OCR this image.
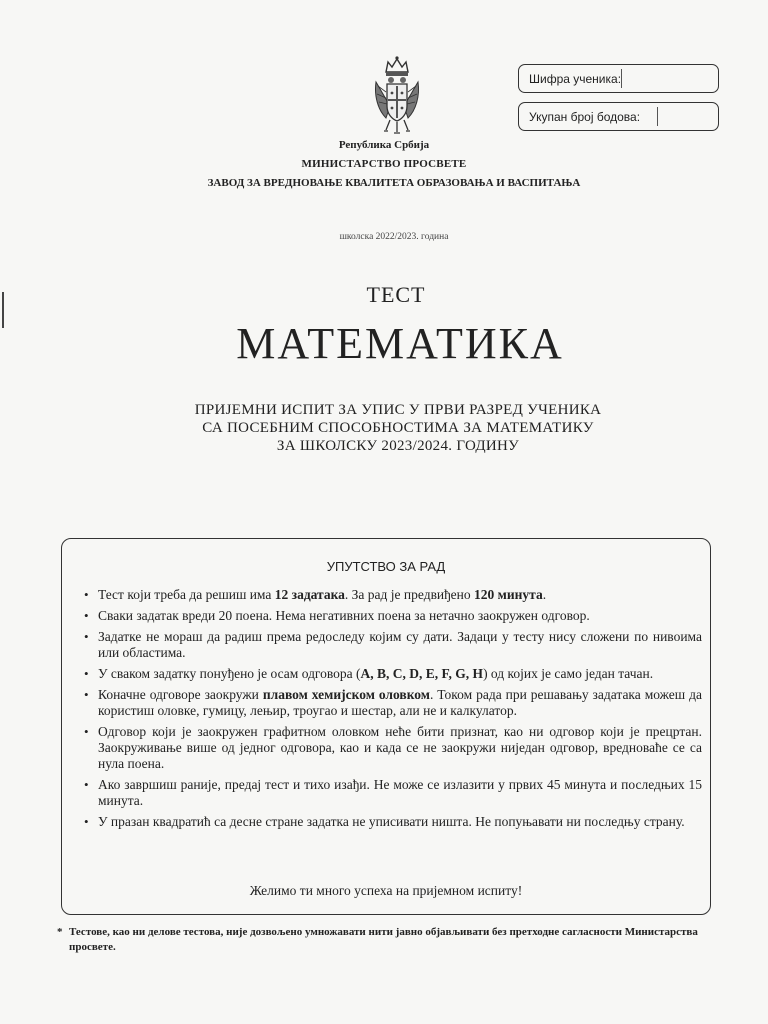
Шифра ученика:
Укупан број бодова:
Република Србија
МИНИСТАРСТВО ПРОСВЕТЕ
ЗАВОД ЗА ВРЕДНОВАЊЕ КВАЛИТЕТА ОБРАЗОВАЊА И ВАСПИТАЊА
школска 2022/2023. година
ТЕСТ
МАТЕМАТИКА
ПРИЈЕМНИ ИСПИТ ЗА УПИС У ПРВИ РАЗРЕД УЧЕНИКА
СА ПОСЕБНИМ СПОСОБНОСТИМА ЗА МАТЕМАТИКУ
ЗА ШКОЛСКУ 2023/2024. ГОДИНУ
УПУТСТВО ЗА РАД
• Тест који треба да решиш има 12 задатака. За рад је предвиђено 120 минута.
• Сваки задатак вреди 20 поена. Нема негативних поена за нетачно заокружен одговор.
• Задатке не мораш да радиш према редоследу којим су дати. Задаци у тесту нису сложени по нивоима или областима.
• У сваком задатку понуђено је осам одговора (A, B, C, D, E, F, G, H) од којих је само један тачан.
• Коначне одговоре заокружи плавом хемијском оловком. Током рада при решавању задатака можеш да користиш оловке, гумицу, лењир, троугао и шестар, али не и калкулатор.
• Одговор који је заокружен графитном оловком неће бити признат, као ни одговор који је прецртан. Заокруживање више од једног одговора, као и када се не заокружи ниједан одговор, вредноваће се са нула поена.
• Ако завршиш раније, предај тест и тихо изађи. Не може се излазити у првих 45 минута и последњих 15 минута.
• У празан квадратић са десне стране задатка не уписивати ништа. Не попуњавати ни последњу страну.
Желимо ти много успеха на пријемном испиту!
* Тестове, као ни делове тестова, није дозвољено умножавати нити јавно објављивати без претходне сагласности Министарства просвете.
